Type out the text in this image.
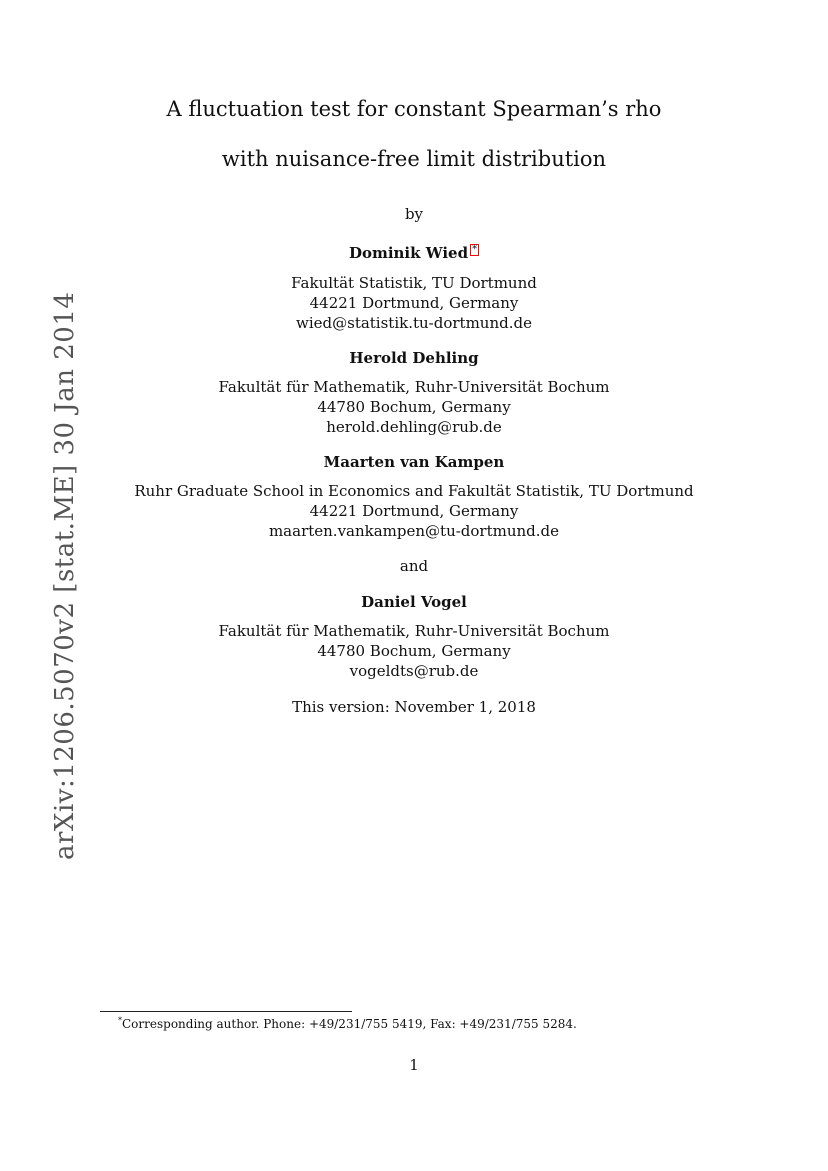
arXiv:1206.5070v2 [stat.ME] 30 Jan 2014
A fluctuation test for constant Spearman’s rho
with nuisance-free limit distribution
by
Dominik Wied *
Fakultät Statistik, TU Dortmund
44221 Dortmund, Germany
wied@statistik.tu-dortmund.de
Herold Dehling
Fakultät für Mathematik, Ruhr-Universität Bochum
44780 Bochum, Germany
herold.dehling@rub.de
Maarten van Kampen
Ruhr Graduate School in Economics and Fakultät Statistik, TU Dortmund
44221 Dortmund, Germany
maarten.vankampen@tu-dortmund.de
and
Daniel Vogel
Fakultät für Mathematik, Ruhr-Universität Bochum
44780 Bochum, Germany
vogeldts@rub.de
This version: November 1, 2018
*Corresponding author. Phone: +49/231/755 5419, Fax: +49/231/755 5284.
1
